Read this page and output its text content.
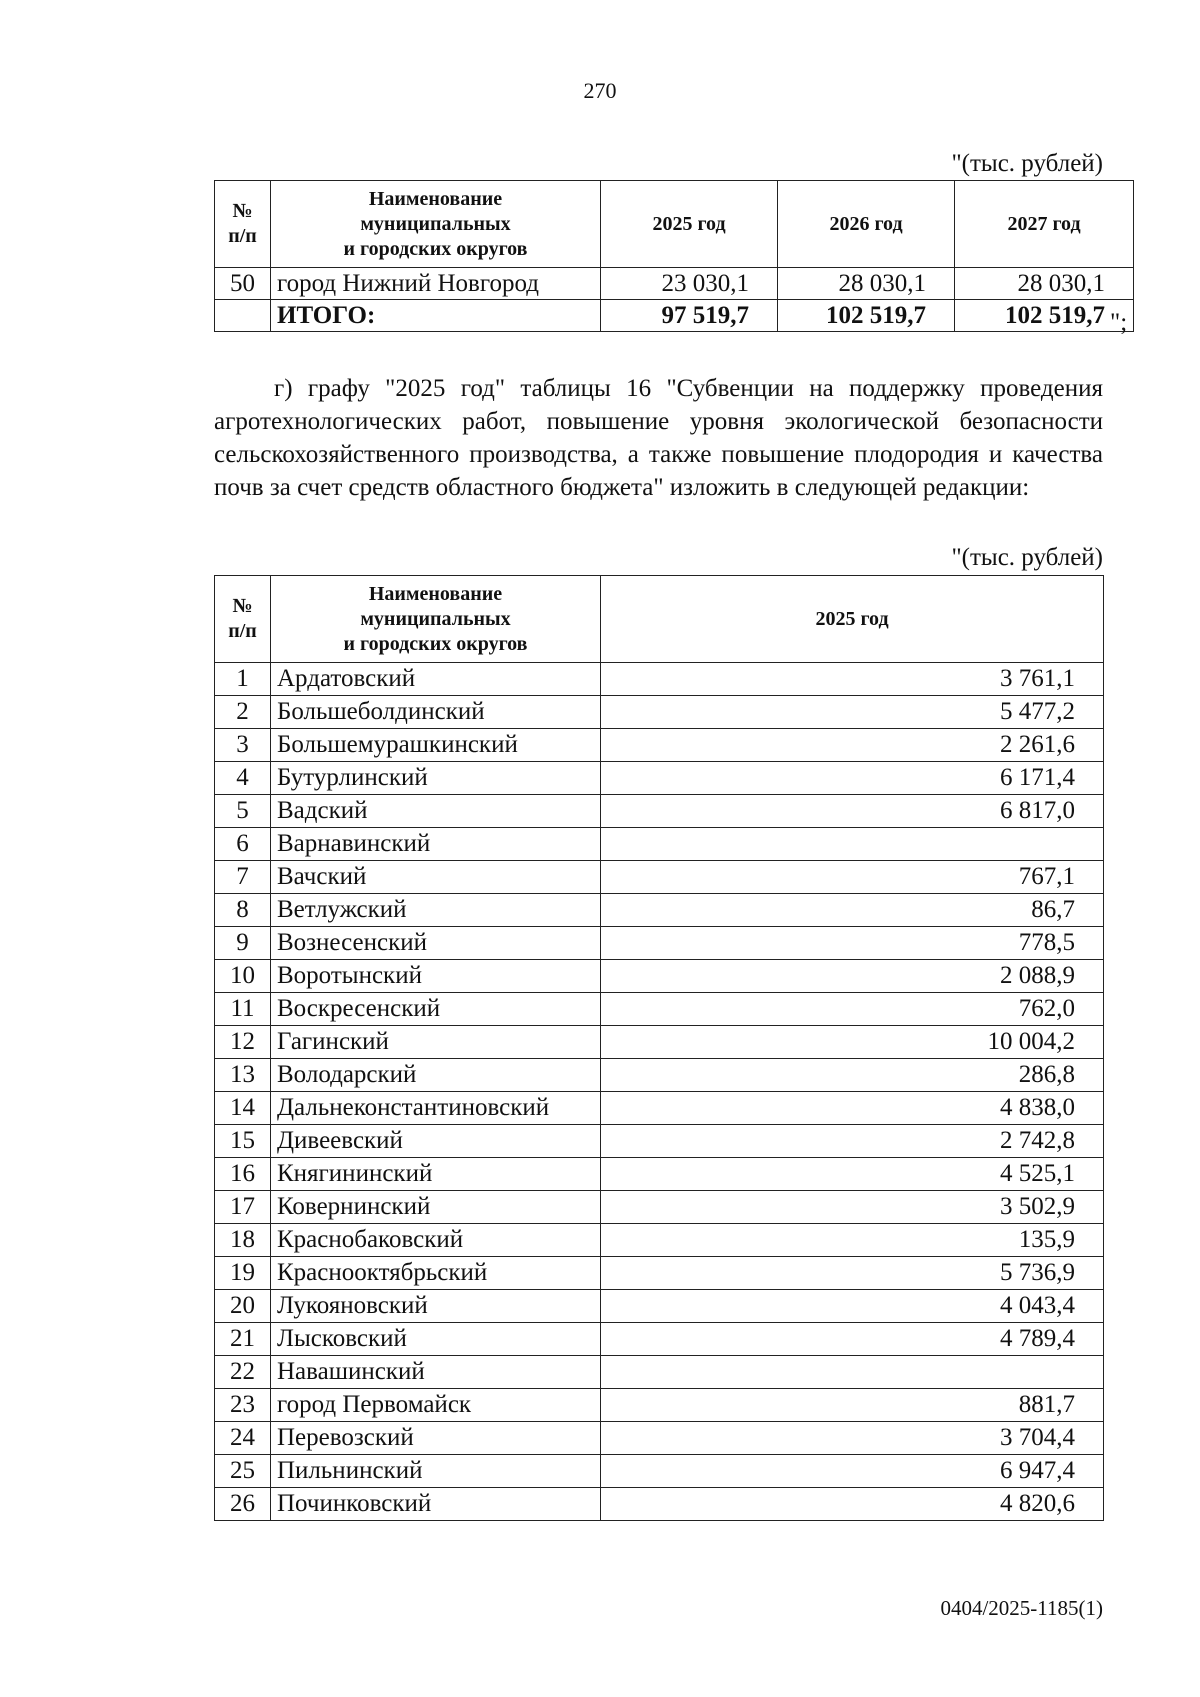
270
"(тыс. рублей)
№
п/п	Наименование
муниципальных
и городских округов	2025 год	2026 год	2027 год
50	город Нижний Новгород	23 030,1	28 030,1	28 030,1
	ИТОГО:	97 519,7	102 519,7	102 519,7 ";
г) графу "2025 год" таблицы 16 "Субвенции на поддержку проведения агротехнологических работ, повышение уровня экологической безопасности сельскохозяйственного производства, а также повышение плодородия и качества почв за счет средств областного бюджета" изложить в следующей редакции:
"(тыс. рублей)
№
п/п	Наименование
муниципальных
и городских округов	2025 год
1	Ардатовский	3 761,1
2	Большеболдинский	5 477,2
3	Большемурашкинский	2 261,6
4	Бутурлинский	6 171,4
5	Вадский	6 817,0
6	Варнавинский	
7	Вачский	767,1
8	Ветлужский	86,7
9	Вознесенский	778,5
10	Воротынский	2 088,9
11	Воскресенский	762,0
12	Гагинский	10 004,2
13	Володарский	286,8
14	Дальнеконстантиновский	4 838,0
15	Дивеевский	2 742,8
16	Княгининский	4 525,1
17	Ковернинский	3 502,9
18	Краснобаковский	135,9
19	Краснооктябрьский	5 736,9
20	Лукояновский	4 043,4
21	Лысковский	4 789,4
22	Навашинский	
23	город Первомайск	881,7
24	Перевозский	3 704,4
25	Пильнинский	6 947,4
26	Починковский	4 820,6
0404/2025-1185(1)
